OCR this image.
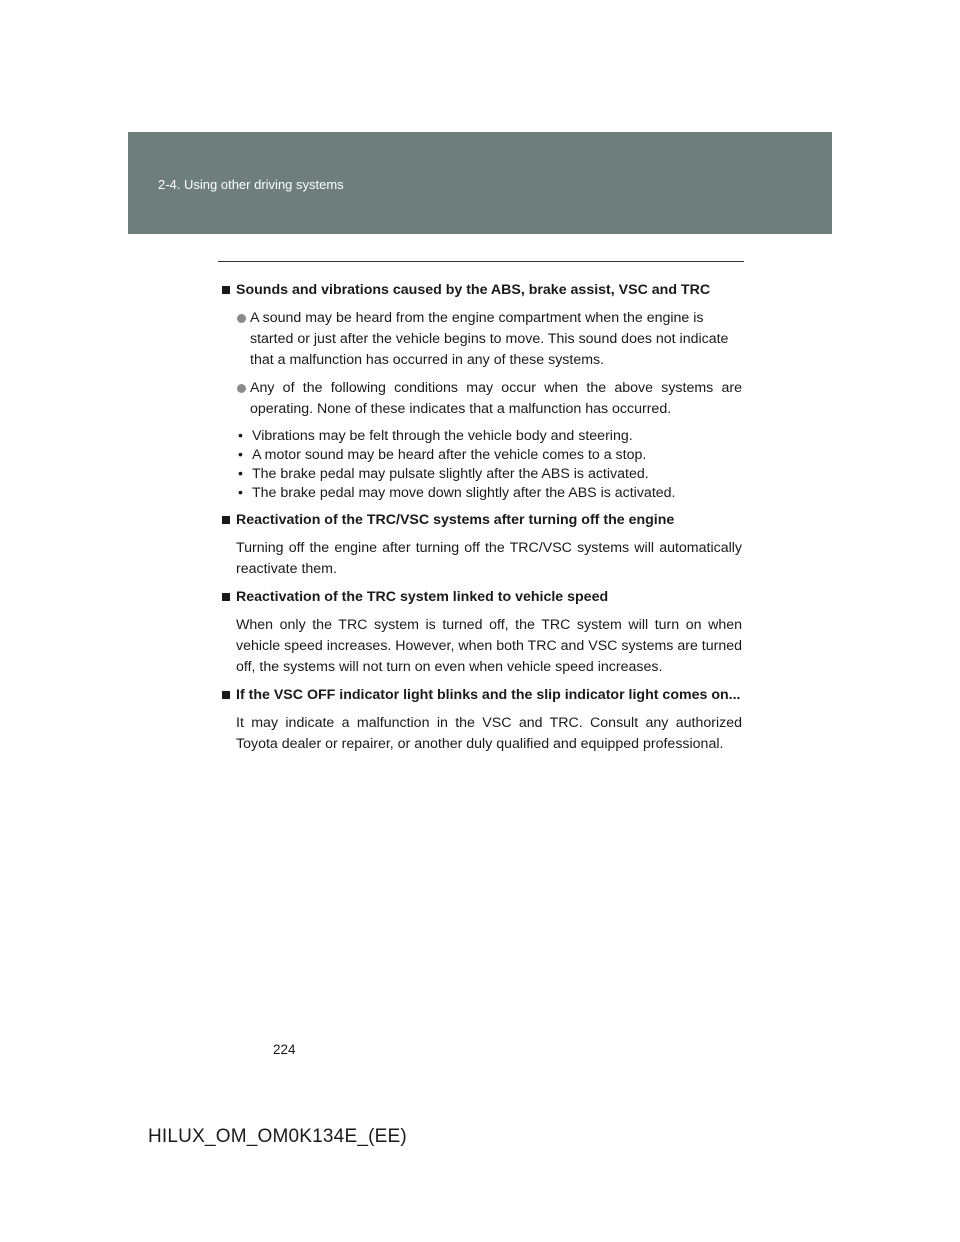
2-4. Using other driving systems

Sounds and vibrations caused by the ABS, brake assist, VSC and TRC

A sound may be heard from the engine compartment when the engine is started or just after the vehicle begins to move. This sound does not indicate that a malfunction has occurred in any of these systems.

Any of the following conditions may occur when the above systems are operating. None of these indicates that a malfunction has occurred.

• Vibrations may be felt through the vehicle body and steering.

• A motor sound may be heard after the vehicle comes to a stop.

• The brake pedal may pulsate slightly after the ABS is activated.

• The brake pedal may move down slightly after the ABS is activated.

Reactivation of the TRC/VSC systems after turning off the engine

Turning off the engine after turning off the TRC/VSC systems will automatically reactivate them.

Reactivation of the TRC system linked to vehicle speed

When only the TRC system is turned off, the TRC system will turn on when vehicle speed increases. However, when both TRC and VSC systems are turned off, the systems will not turn on even when vehicle speed increases.

If the VSC OFF indicator light blinks and the slip indicator light comes on...

It may indicate a malfunction in the VSC and TRC. Consult any authorized Toyota dealer or repairer, or another duly qualified and equipped professional.

224
HILUX_OM_OM0K134E_(EE)
